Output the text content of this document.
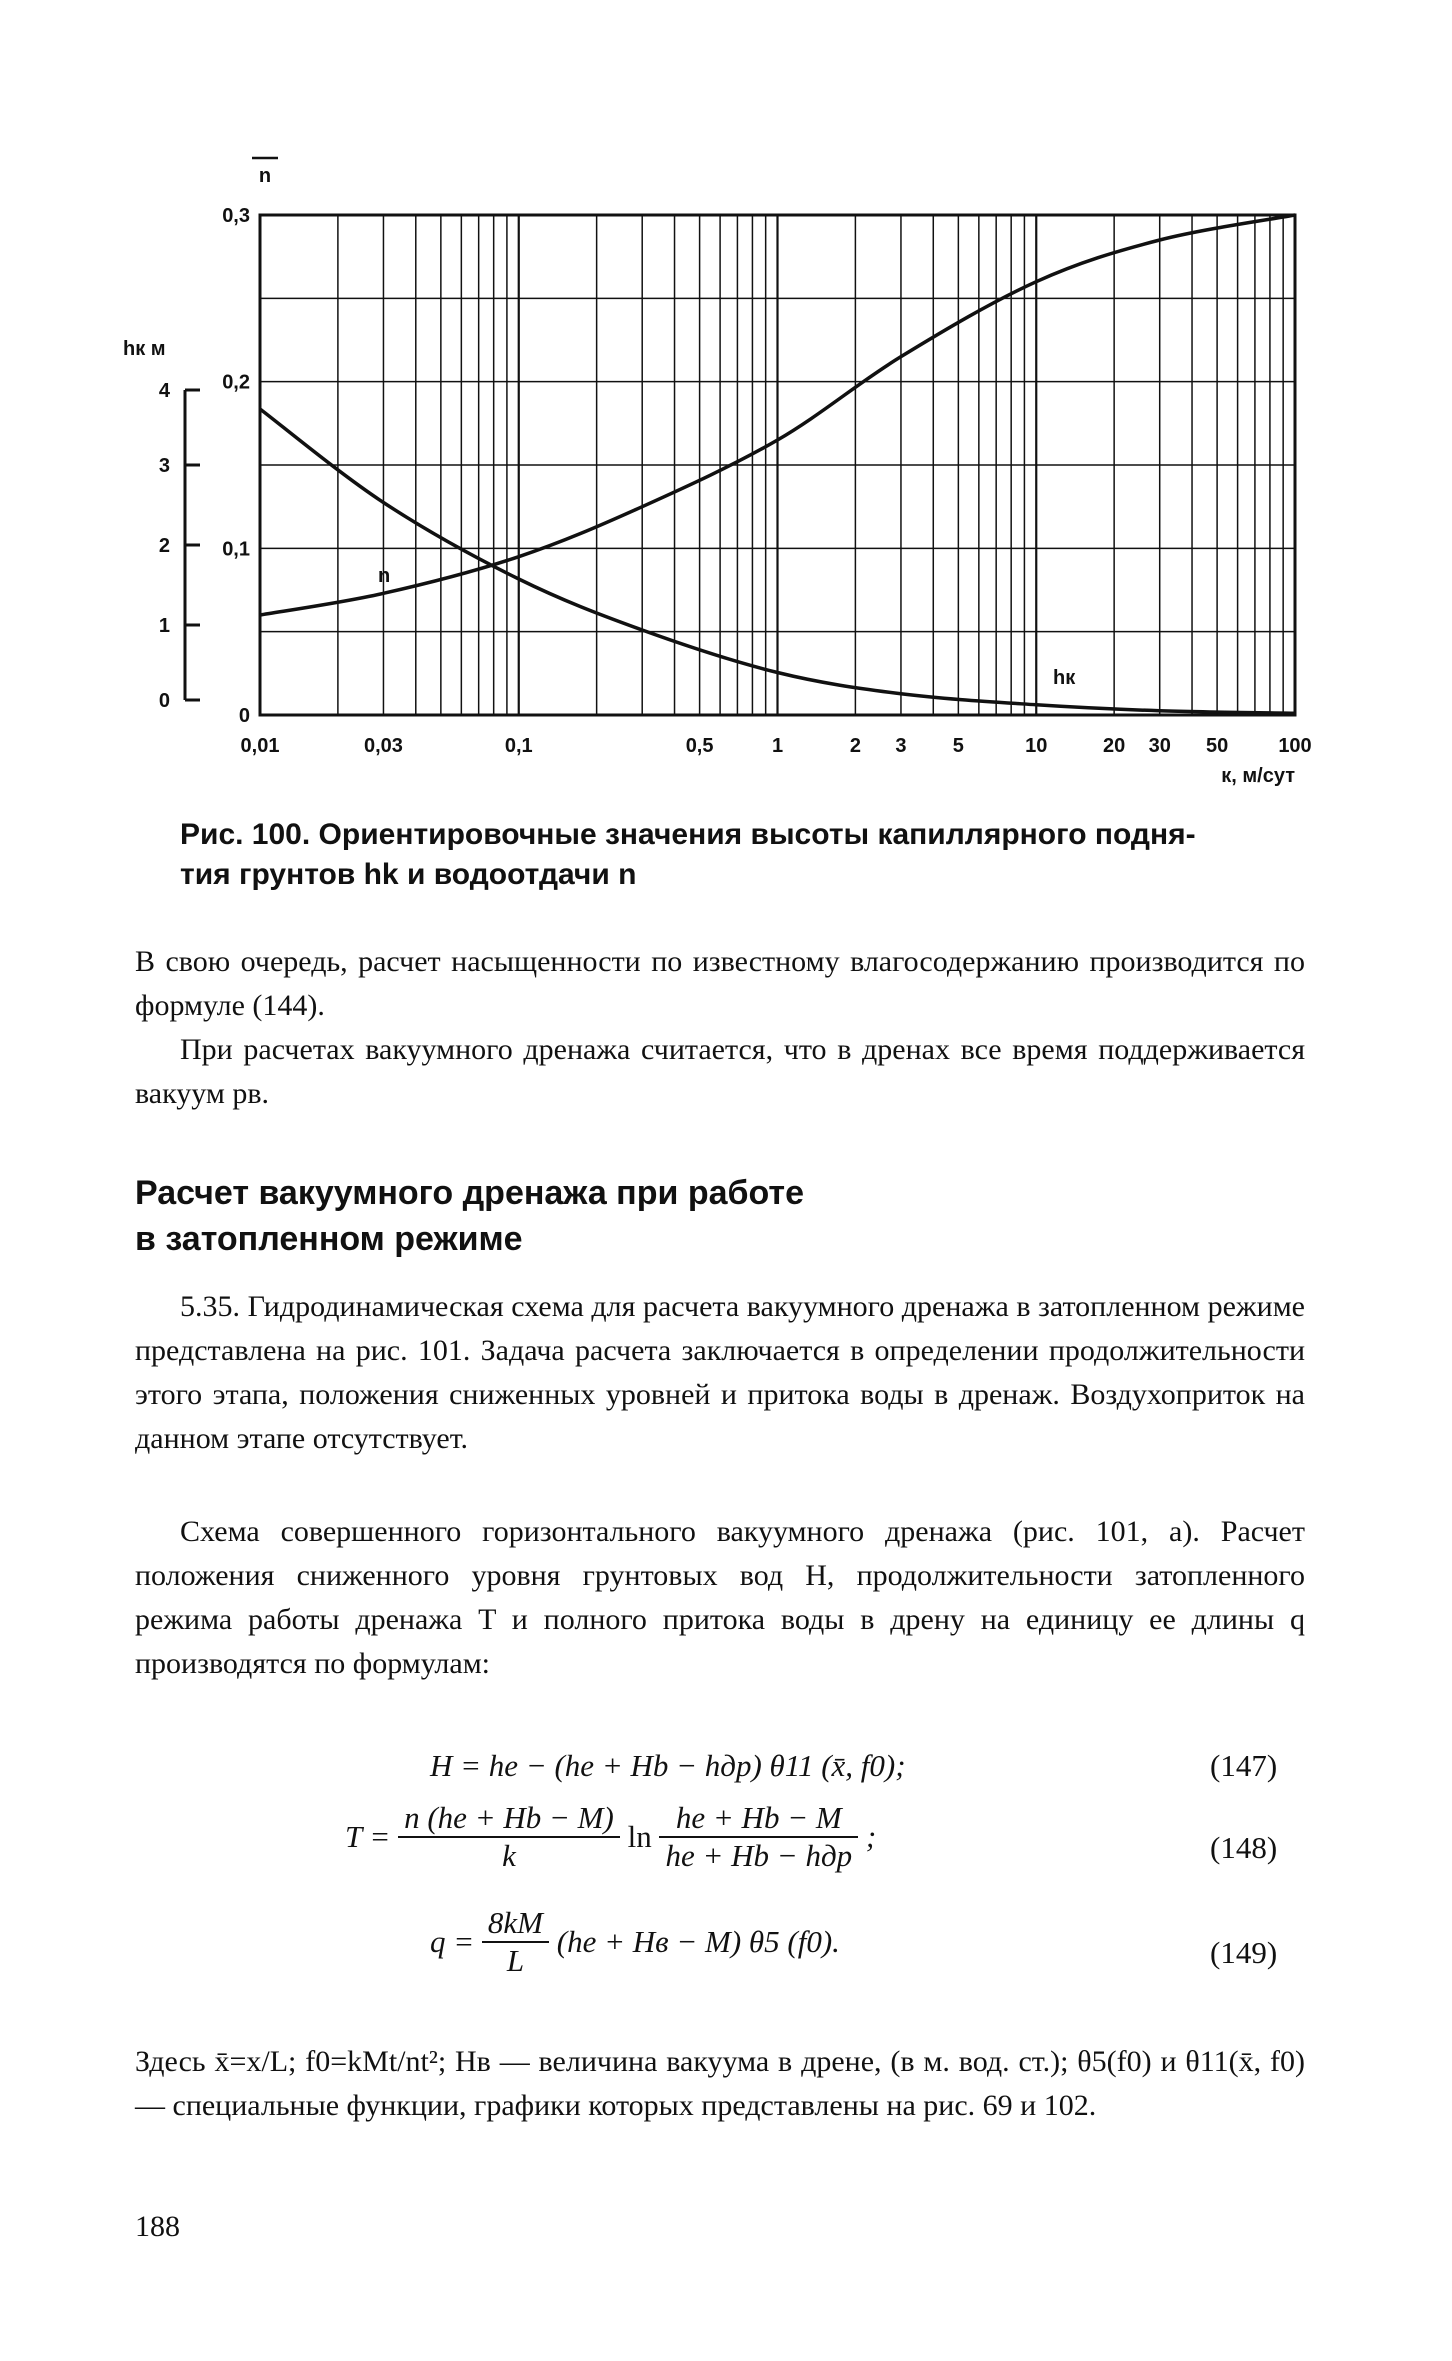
n
hк
0,01	0,03	0,1	0,5	1	2 3 5	10	20 30 50	100
к, м/сут
0,3
0,2
0,1
0
n
4
3
2
1
0
hк м
Рис. 100. Ориентировочные значения высоты капиллярного подня-
тия грунтов hk и водоотдачи n
В свою очередь, расчет насыщенности по известному влагосодержанию производится по формуле (144).
При расчетах вакуумного дренажа считается, что в дренах все время поддерживается вакуум pв.
Расчет вакуумного дренажа при работе
в затопленном режиме
5.35. Гидродинамическая схема для расчета вакуумного дренажа в затопленном режиме представлена на рис. 101. Задача расчета заключается в определении продолжительности этого этапа, положения сниженных уровней и притока воды в дренаж. Воздухоприток на данном этапе отсутствует.
Схема совершенного горизонтального вакуумного дренажа (рис. 101, а). Расчет положения сниженного уровня грунтовых вод H, продолжительности затопленного режима работы дренажа T и полного притока воды в дрену на единицу ее длины q производятся по формулам:
H = he − (he + Hb − hдр) θ11 (x̄, f0);	(147)
$T = \frac{n (he + Hb - M)}{k}$ $\ln \frac{he + Hb - M}{\text{he + Hb − hдр}}$ ;	(148)
$q = \frac{8kM}{L} (he$ + Hв − M) θ5 (f0).	(149)
Здесь x̄=x/L; f0=kMt/nt²; Hв — величина вакуума в дрене, (в м. вод. ст.); θ5(f0) и θ11(x̄, f0) — специальные функции, графики которых представлены на рис. 69 и 102.
188
